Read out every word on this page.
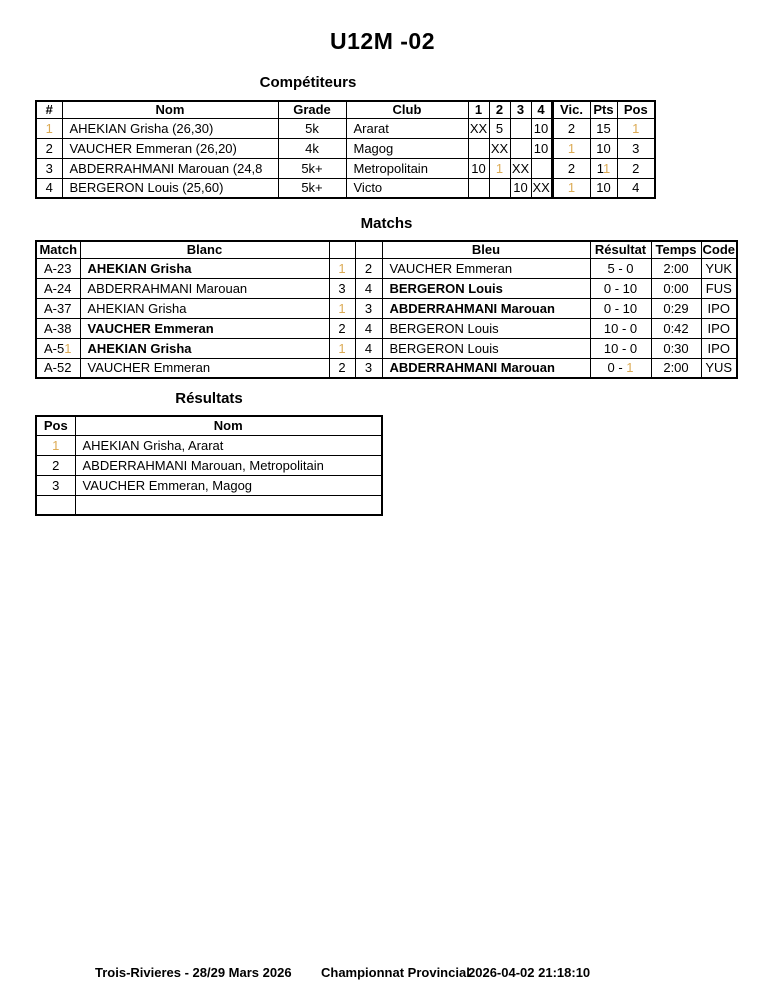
U12M -02
Compétiteurs
#	Nom	Grade	Club	1	2	3	4	Vic.	Pts	Pos
1	AHEKIAN Grisha (26,30)	5k	Ararat	XX	5		10	2	15	1
2	VAUCHER Emmeran (26,20)	4k	Magog		XX		10	1	10	3
3	ABDERRAHMANI Marouan (24,8	5k+	Metropolitain	10	1	XX		2	11	2
4	BERGERON Louis (25,60)	5k+	Victo			10	XX	1	10	4
Matchs
Match	Blanc			Bleu	Résultat	Temps	Code
A-23	AHEKIAN Grisha	1	2	VAUCHER Emmeran	5 - 0	2:00	YUK
A-24	ABDERRAHMANI Marouan	3	4	BERGERON Louis	0 - 10	0:00	FUS
A-37	AHEKIAN Grisha	1	3	ABDERRAHMANI Marouan	0 - 10	0:29	IPO
A-38	VAUCHER Emmeran	2	4	BERGERON Louis	10 - 0	0:42	IPO
A-51	AHEKIAN Grisha	1	4	BERGERON Louis	10 - 0	0:30	IPO
A-52	VAUCHER Emmeran	2	3	ABDERRAHMANI Marouan	0 - 1	2:00	YUS
Résultats
Pos	Nom
1	AHEKIAN Grisha, Ararat
2	ABDERRAHMANI Marouan, Metropolitain
3	VAUCHER Emmeran, Magog

Trois-Rivieres - 28/29 Mars 2026 Championnat Provincial
2026-04-02 21:18:10
